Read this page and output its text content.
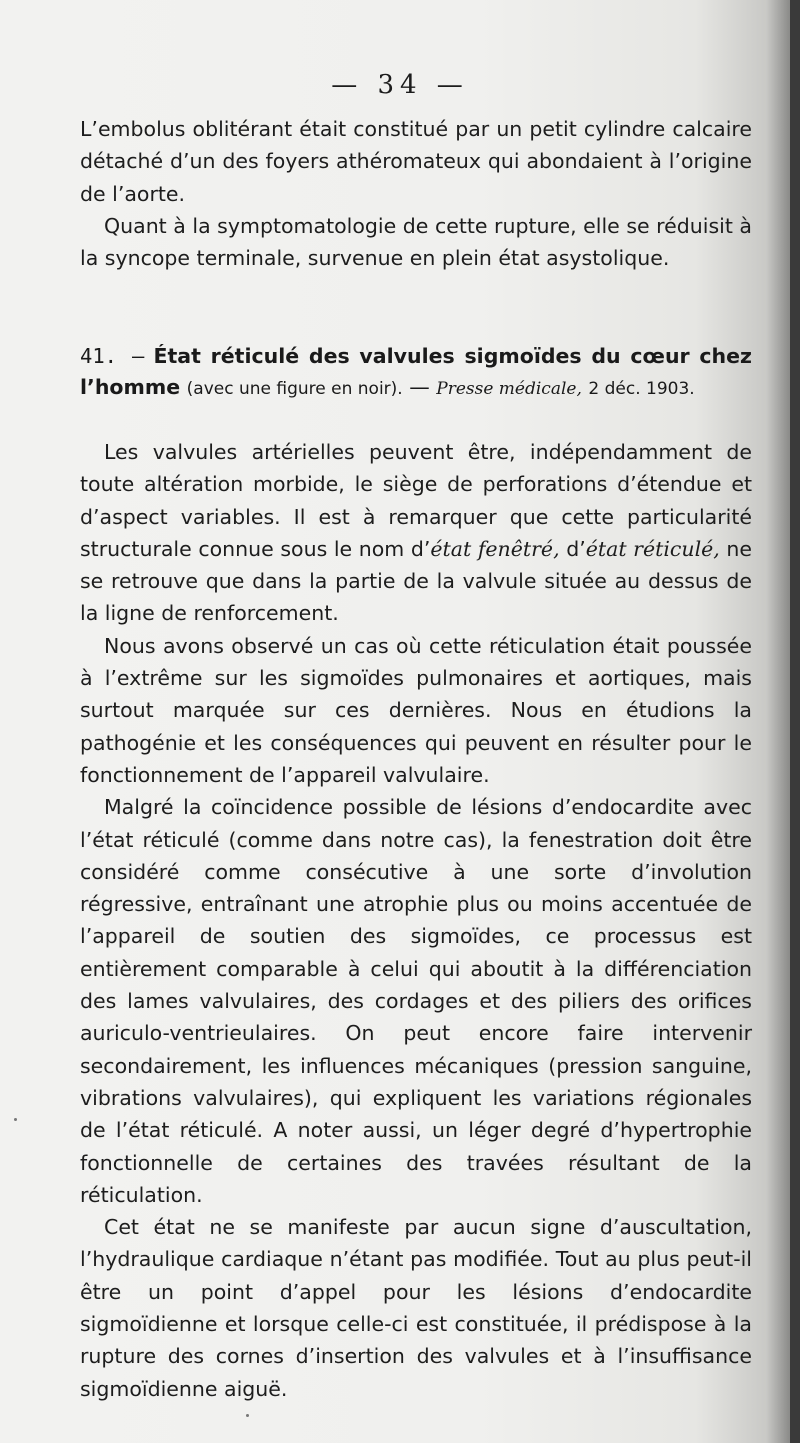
— 34 —

L’embolus oblitérant était constitué par un petit cylindre calcaire détaché d’un des foyers athéromateux qui abondaient à l’origine de l’aorte.

Quant à la symptomatologie de cette rupture, elle se réduisit à la syncope terminale, survenue en plein état asystolique.

41. — État réticulé des valvules sigmoïdes du cœur chez l’homme (avec une figure en noir). — Presse médicale, 2 déc. 1903.

Les valvules artérielles peuvent être, indépendamment de toute altération morbide, le siège de perforations d’étendue et d’aspect variables. Il est à remarquer que cette particularité structurale connue sous le nom d’état fenêtré, d’état réticulé, ne se retrouve que dans la partie de la valvule située au dessus de la ligne de renforcement.

Nous avons observé un cas où cette réticulation était poussée à l’extrême sur les sigmoïdes pulmonaires et aortiques, mais surtout marquée sur ces dernières. Nous en étudions la pathogénie et les conséquences qui peuvent en résulter pour le fonctionnement de l’appareil valvulaire.

Malgré la coïncidence possible de lésions d’endocardite avec l’état réticulé (comme dans notre cas), la fenestration doit être considéré comme consécutive à une sorte d’involution régressive, entraînant une atrophie plus ou moins accentuée de l’appareil de soutien des sigmoïdes, ce processus est entièrement comparable à celui qui aboutit à la différenciation des lames valvulaires, des cordages et des piliers des orifices auriculo-ventrieulaires. On peut encore faire intervenir secondairement, les influences mécaniques (pression sanguine, vibrations valvulaires), qui expliquent les variations régionales de l’état réticulé. A noter aussi, un léger degré d’hypertrophie fonctionnelle de certaines des travées résultant de la réticulation.

Cet état ne se manifeste par aucun signe d’auscultation, l’hydraulique cardiaque n’étant pas modifiée. Tout au plus peut-il être un point d’appel pour les lésions d’endocardite sigmoïdienne et lorsque celle-ci est constituée, il prédispose à la rupture des cornes d’insertion des valvules et à l’insuffisance sigmoïdienne aiguë.
